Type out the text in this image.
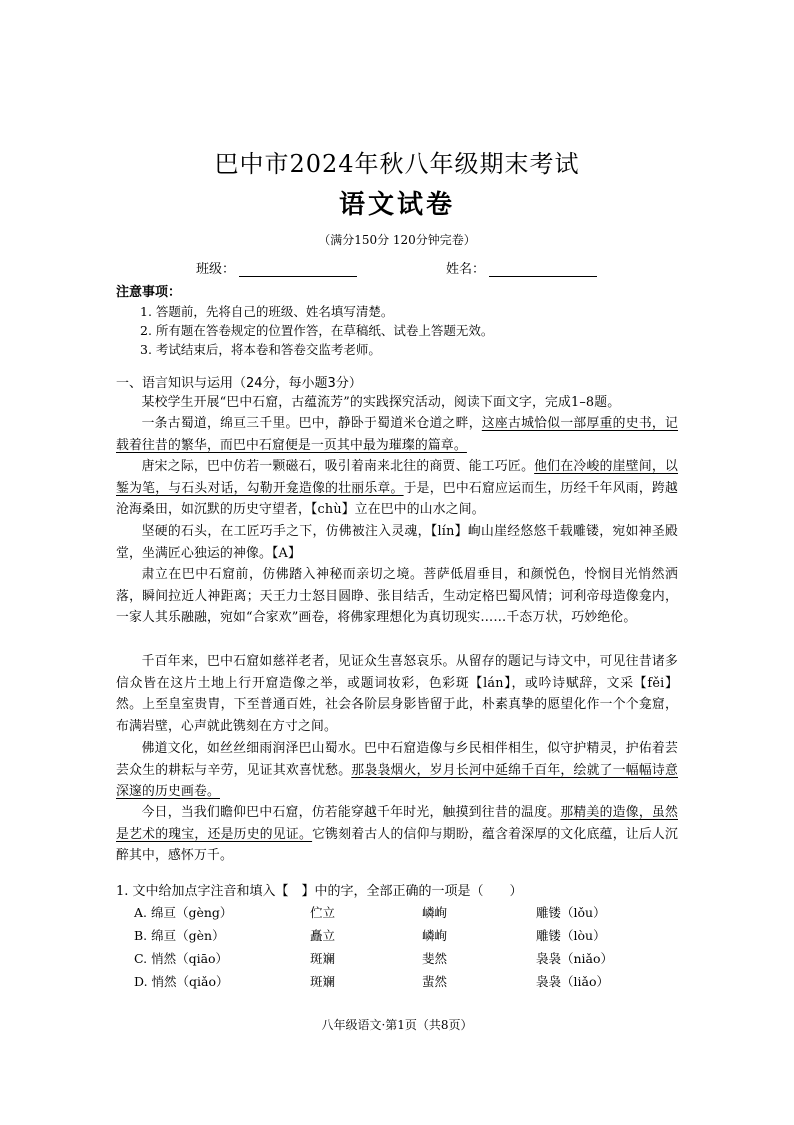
巴中市2024年秋八年级期末考试
语文试卷
（满分150分 120分钟完卷）
班级：	姓名：
注意事项：
1. 答题前，先将自己的班级、姓名填写清楚。
2. 所有题在答卷规定的位置作答，在草稿纸、试卷上答题无效。
3. 考试结束后，将本卷和答卷交监考老师。
一、语言知识与运用（24分，每小题3分）
某校学生开展“巴中石窟，古蕴流芳”的实践探究活动，阅读下面文字，完成1–8题。
一条古蜀道，绵亘三千里。巴中，静卧于蜀道米仓道之畔，这座古城恰似一部厚重的史书，记载着往昔的繁华，而巴中石窟便是一页其中最为璀璨的篇章。
唐宋之际，巴中仿若一颗磁石，吸引着南来北往的商贾、能工巧匠。他们在冷峻的崖壁间，以錾为笔，与石头对话，勾勒开龛造像的壮丽乐章。于是，巴中石窟应运而生，历经千年风雨，跨越沧海桑田，如沉默的历史守望者，【chù】立在巴中的山水之间。
坚硬的石头，在工匠巧手之下，仿佛被注入灵魂，【lín】峋山崖经悠悠千载雕镂，宛如神圣殿堂，坐满匠心独运的神像。【A】
肃立在巴中石窟前，仿佛踏入神秘而亲切之境。菩萨低眉垂目，和颜悦色，怜悯目光悄然洒落，瞬间拉近人神距离；天王力士怒目圆睁、张目结舌，生动定格巴蜀风情；诃利帝母造像龛内，一家人其乐融融，宛如“合家欢”画卷，将佛家理想化为真切现实……千态万状，巧妙绝伦。
千百年来，巴中石窟如慈祥老者，见证众生喜怒哀乐。从留存的题记与诗文中，可见往昔诸多信众皆在这片土地上行开窟造像之举，或题词妆彩，色彩斑【lán】，或吟诗赋辞，文采【fěi】然。上至皇室贵胄，下至普通百姓，社会各阶层身影皆留于此，朴素真挚的愿望化作一个个龛窟，布满岩壁，心声就此镌刻在方寸之间。
佛道文化，如丝丝细雨润泽巴山蜀水。巴中石窟造像与乡民相伴相生，似守护精灵，护佑着芸芸众生的耕耘与辛劳，见证其欢喜忧愁。那袅袅烟火，岁月长河中延绵千百年，绘就了一幅幅诗意深邃的历史画卷。
今日，当我们瞻仰巴中石窟，仿若能穿越千年时光，触摸到往昔的温度。那精美的造像，虽然是艺术的瑰宝，还是历史的见证。它镌刻着古人的信仰与期盼，蕴含着深厚的文化底蕴，让后人沉醉其中，感怀万千。
1. 文中给加点字注音和填入【　】中的字，全部正确的一项是（　　）
A. 绵亘（gèng）	伫立	嶙峋	雕镂（lǒu）
B. 绵亘（gèn）	矗立	嶙峋	雕镂（lòu）
C. 悄然（qiāo）	斑斓	斐然	袅袅（niǎo）
D. 悄然（qiǎo）	斑斓	蜚然	袅袅（liǎo）
八年级语文·第1页（共8页）
